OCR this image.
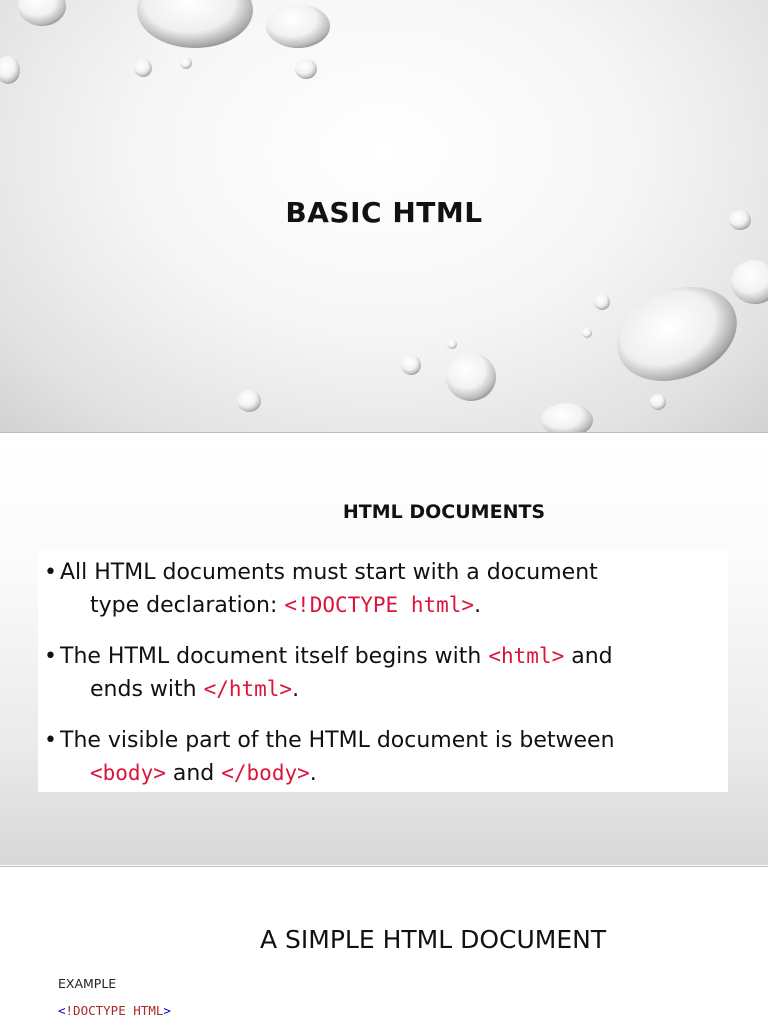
BASIC HTML
HTML DOCUMENTS
• All HTML documents must start with a document
type declaration: <!DOCTYPE html>.
• The HTML document itself begins with <html> and
ends with </html>.
• The visible part of the HTML document is between
<body> and </body>.
A SIMPLE HTML DOCUMENT
EXAMPLE
<!DOCTYPE HTML>
